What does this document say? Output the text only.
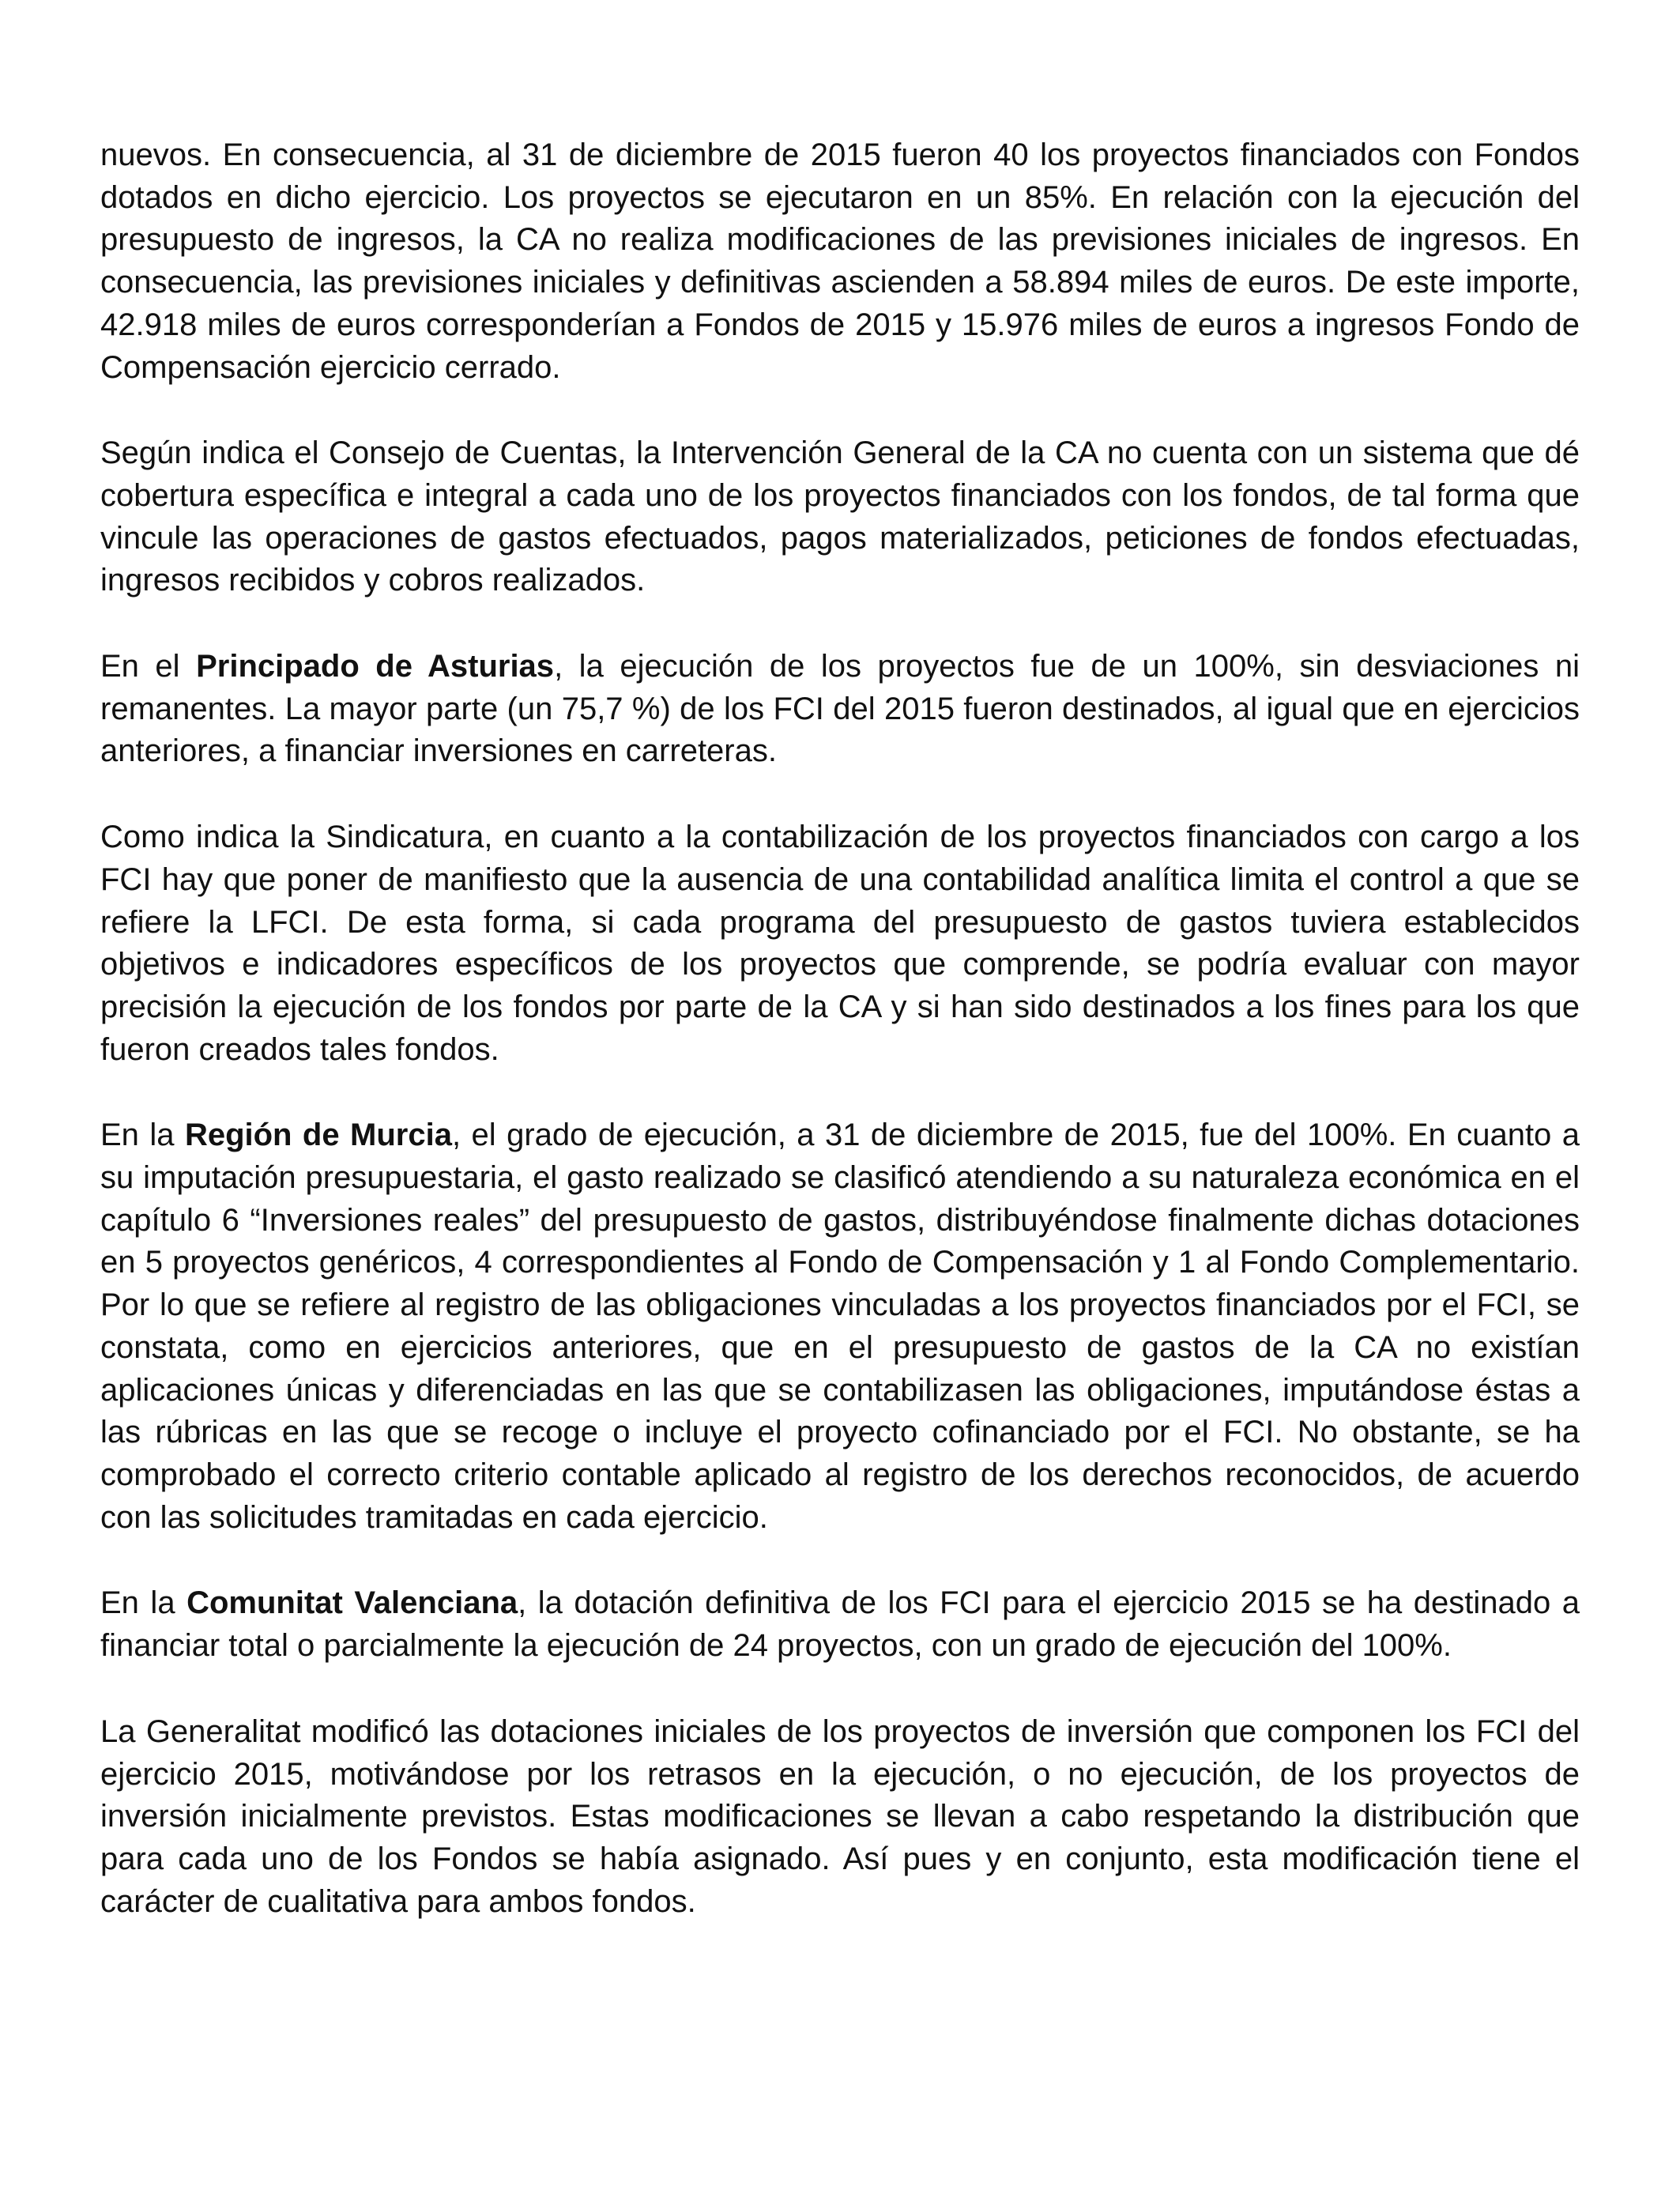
nuevos. En consecuencia, al 31 de diciembre de 2015 fueron 40 los proyectos financiados con Fondos dotados en dicho ejercicio. Los proyectos se ejecutaron en un 85%. En relación con la ejecución del presupuesto de ingresos, la CA no realiza modificaciones de las previsiones iniciales de ingresos. En consecuencia, las previsiones iniciales y definitivas ascienden a 58.894 miles de euros. De este importe, 42.918 miles de euros corresponderían a Fondos de 2015 y 15.976 miles de euros a ingresos Fondo de Compensación ejercicio cerrado.

Según indica el Consejo de Cuentas, la Intervención General de la CA no cuenta con un sistema que dé cobertura específica e integral a cada uno de los proyectos financiados con los fondos, de tal forma que vincule las operaciones de gastos efectuados, pagos materializados, peticiones de fondos efectuadas, ingresos recibidos y cobros realizados.

En el Principado de Asturias, la ejecución de los proyectos fue de un 100%, sin desviaciones ni remanentes. La mayor parte (un 75,7 %) de los FCI del 2015 fueron destinados, al igual que en ejercicios anteriores, a financiar inversiones en carreteras.

Como indica la Sindicatura, en cuanto a la contabilización de los proyectos financiados con cargo a los FCI hay que poner de manifiesto que la ausencia de una contabilidad analítica limita el control a que se refiere la LFCI. De esta forma, si cada programa del presupuesto de gastos tuviera establecidos objetivos e indicadores específicos de los proyectos que comprende, se podría evaluar con mayor precisión la ejecución de los fondos por parte de la CA y si han sido destinados a los fines para los que fueron creados tales fondos.

En la Región de Murcia, el grado de ejecución, a 31 de diciembre de 2015, fue del 100%. En cuanto a su imputación presupuestaria, el gasto realizado se clasificó atendiendo a su naturaleza económica en el capítulo 6 “Inversiones reales” del presupuesto de gastos, distribuyéndose finalmente dichas dotaciones en 5 proyectos genéricos, 4 correspondientes al Fondo de Compensación y 1 al Fondo Complementario. Por lo que se refiere al registro de las obligaciones vinculadas a los proyectos financiados por el FCI, se constata, como en ejercicios anteriores, que en el presupuesto de gastos de la CA no existían aplicaciones únicas y diferenciadas en las que se contabilizasen las obligaciones, imputándose éstas a las rúbricas en las que se recoge o incluye el proyecto cofinanciado por el FCI. No obstante, se ha comprobado el correcto criterio contable aplicado al registro de los derechos reconocidos, de acuerdo con las solicitudes tramitadas en cada ejercicio.

En la Comunitat Valenciana, la dotación definitiva de los FCI para el ejercicio 2015 se ha destinado a financiar total o parcialmente la ejecución de 24 proyectos, con un grado de ejecución del 100%.

La Generalitat modificó las dotaciones iniciales de los proyectos de inversión que componen los FCI del ejercicio 2015, motivándose por los retrasos en la ejecución, o no ejecución, de los proyectos de inversión inicialmente previstos. Estas modificaciones se llevan a cabo respetando la distribución que para cada uno de los Fondos se había asignado. Así pues y en conjunto, esta modificación tiene el carácter de cualitativa para ambos fondos.
